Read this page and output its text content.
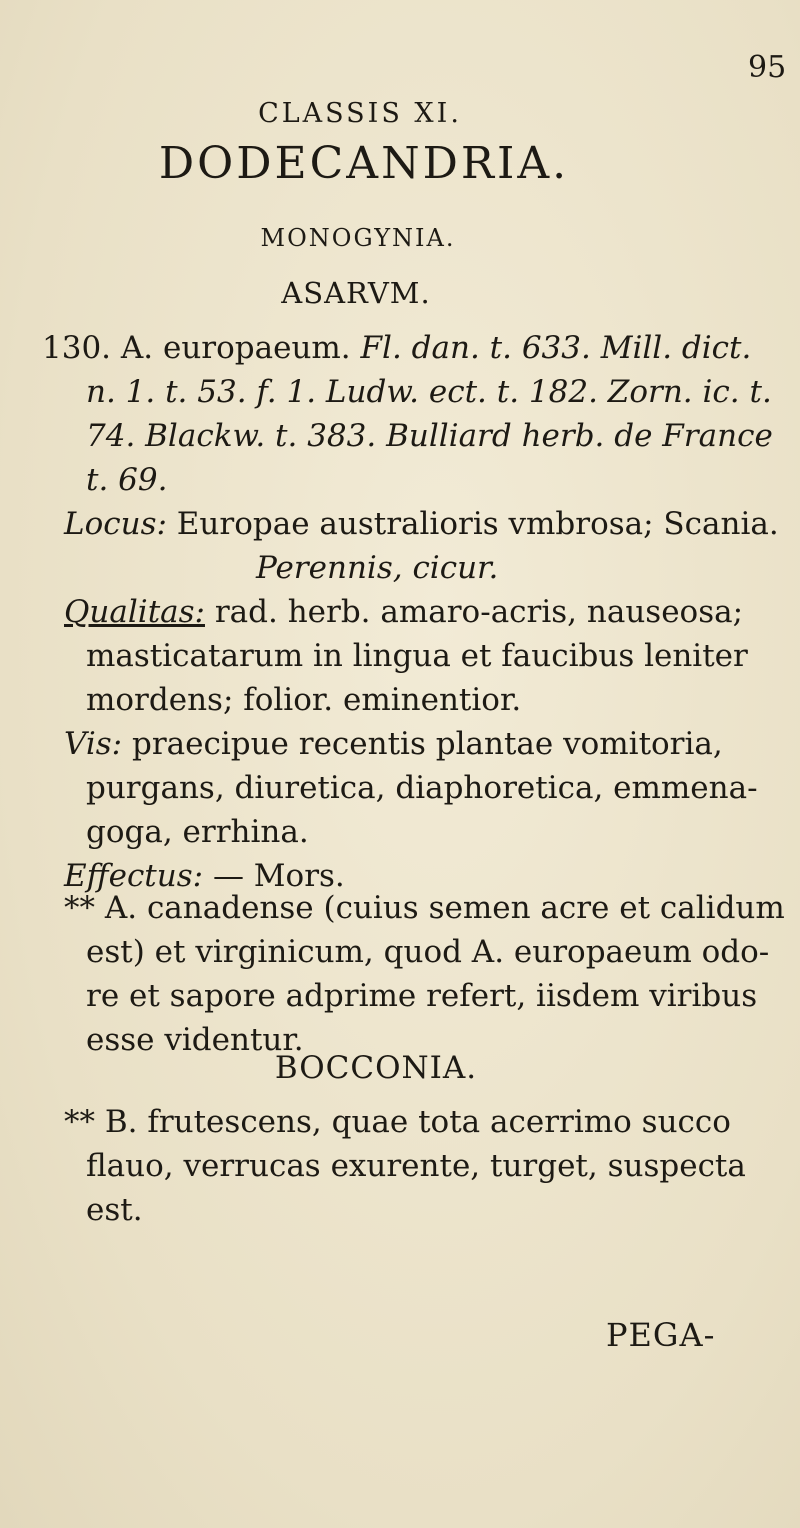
95
CLASSIS XI.
DODECANDRIA.
MONOGYNIA.
ASARVM.
130. A. europaeum. Fl. dan. t. 633. Mill. dict.
n. 1. t. 53. f. 1. Ludw. ect. t. 182. Zorn. ic. t.
74. Blackw. t. 383. Bulliard herb. de France
t. 69.
Locus: Europae australioris vmbrosa; Scania.
Perennis, cicur.
Qualitas: rad. herb. amaro-acris, nauseosa;
masticatarum in lingua et faucibus leniter
mordens; folior. eminentior.
Vis: praecipue recentis plantae vomitoria,
purgans, diuretica, diaphoretica, emmena-
goga, errhina.
Effectus: — Mors.
** A. canadense (cuius semen acre et calidum
est) et virginicum, quod A. europaeum odo-
re et sapore adprime refert, iisdem viribus
esse videntur.
BOCCONIA.
** B. frutescens, quae tota acerrimo succo
flauo, verrucas exurente, turget, suspecta
est.
PEGA-
